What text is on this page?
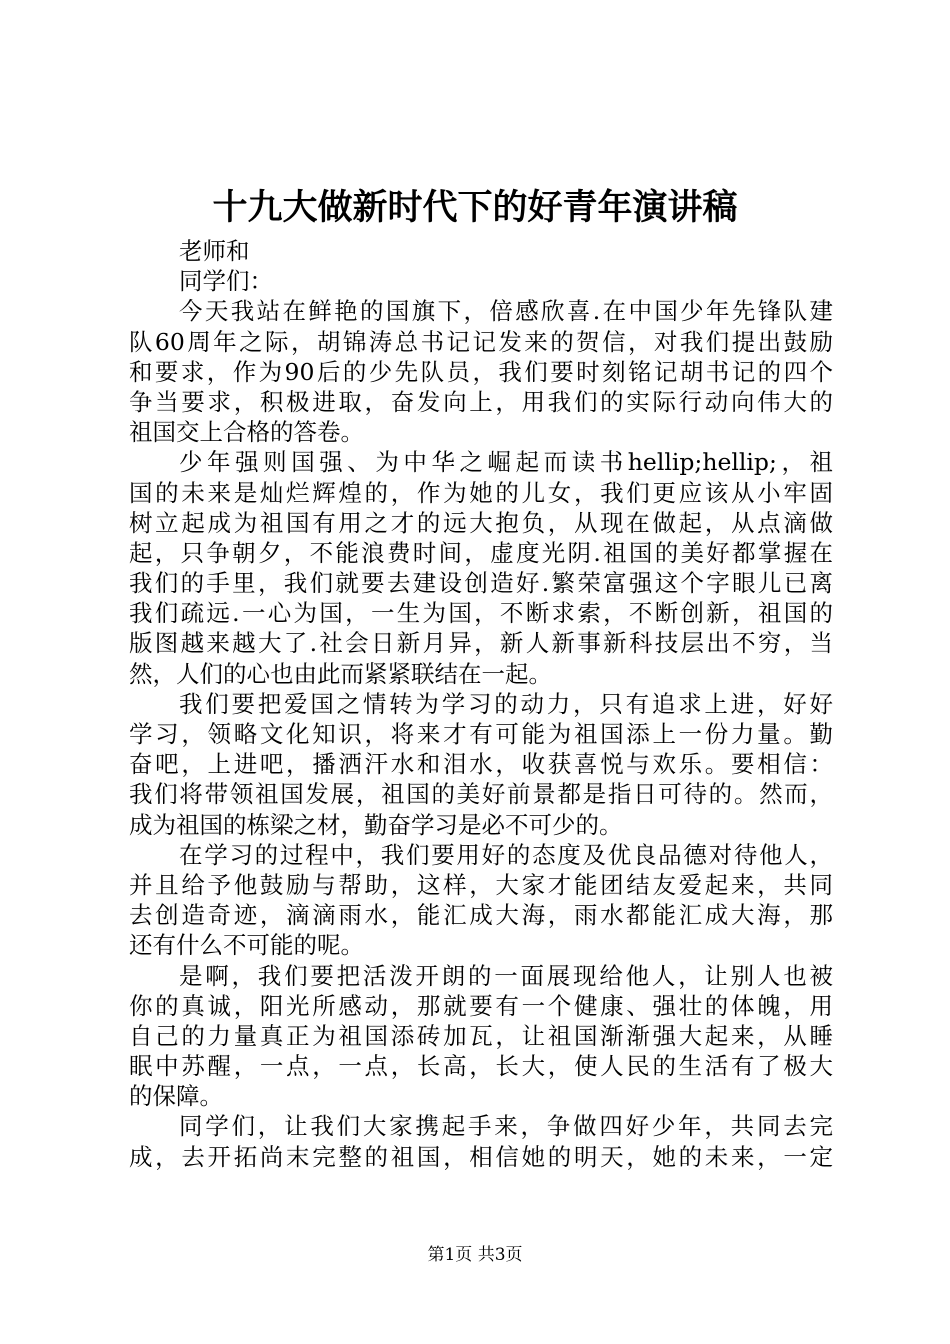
十九大做新时代下的好青年演讲稿
老师和
同学们：
今天我站在鲜艳的国旗下，倍感欣喜.在中国少年先锋队建
队60周年之际，胡锦涛总书记记发来的贺信，对我们提出鼓励
和要求，作为90后的少先队员，我们要时刻铭记胡书记的四个
争当要求，积极进取，奋发向上，用我们的实际行动向伟大的
祖国交上合格的答卷。
少年强则国强、为中华之崛起而读书hellip;hellip;，祖
国的未来是灿烂辉煌的，作为她的儿女，我们更应该从小牢固
树立起成为祖国有用之才的远大抱负，从现在做起，从点滴做
起，只争朝夕，不能浪费时间，虚度光阴.祖国的美好都掌握在
我们的手里，我们就要去建设创造好.繁荣富强这个字眼儿已离
我们疏远.一心为国，一生为国，不断求索，不断创新，祖国的
版图越来越大了.社会日新月异，新人新事新科技层出不穷，当
然，人们的心也由此而紧紧联结在一起。
我们要把爱国之情转为学习的动力，只有追求上进，好好
学习，领略文化知识，将来才有可能为祖国添上一份力量。勤
奋吧，上进吧，播洒汗水和泪水，收获喜悦与欢乐。要相信：
我们将带领祖国发展，祖国的美好前景都是指日可待的。然而，
成为祖国的栋梁之材，勤奋学习是必不可少的。
在学习的过程中，我们要用好的态度及优良品德对待他人，
并且给予他鼓励与帮助，这样，大家才能团结友爱起来，共同
去创造奇迹，滴滴雨水，能汇成大海，雨水都能汇成大海，那
还有什么不可能的呢。
是啊，我们要把活泼开朗的一面展现给他人，让别人也被
你的真诚，阳光所感动，那就要有一个健康、强壮的体魄，用
自己的力量真正为祖国添砖加瓦，让祖国渐渐强大起来，从睡
眠中苏醒，一点，一点，长高，长大，使人民的生活有了极大
的保障。
同学们，让我们大家携起手来，争做四好少年，共同去完
成，去开拓尚末完整的祖国，相信她的明天，她的未来，一定
第1页 共3页
